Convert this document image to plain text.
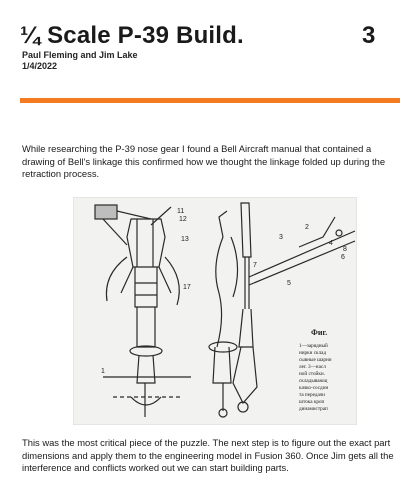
¼ Scale P-39 Build.	3
Paul Fleming and Jim Lake
1/4/2022
While researching the P-39 nose gear I found a Bell Aircraft manual that contained a drawing of Bell’s linkage this confirmed how we thought the linkage folded up during the retraction process.
11
12
13
2
3
4
8
7
5
6
17
1
Фиг.
1—зарядный
нирки склад
сывные шарни
лег. 3—насл
ной стойки.
складывающ
качко-сосдин
та передачи
штока кроп
динамистрап
This was the most critical piece of the puzzle. The next step is to figure out the exact part dimensions and apply them to the engineering model in Fusion 360. Once Jim gets all the interference and conflicts worked out we can start building parts.
